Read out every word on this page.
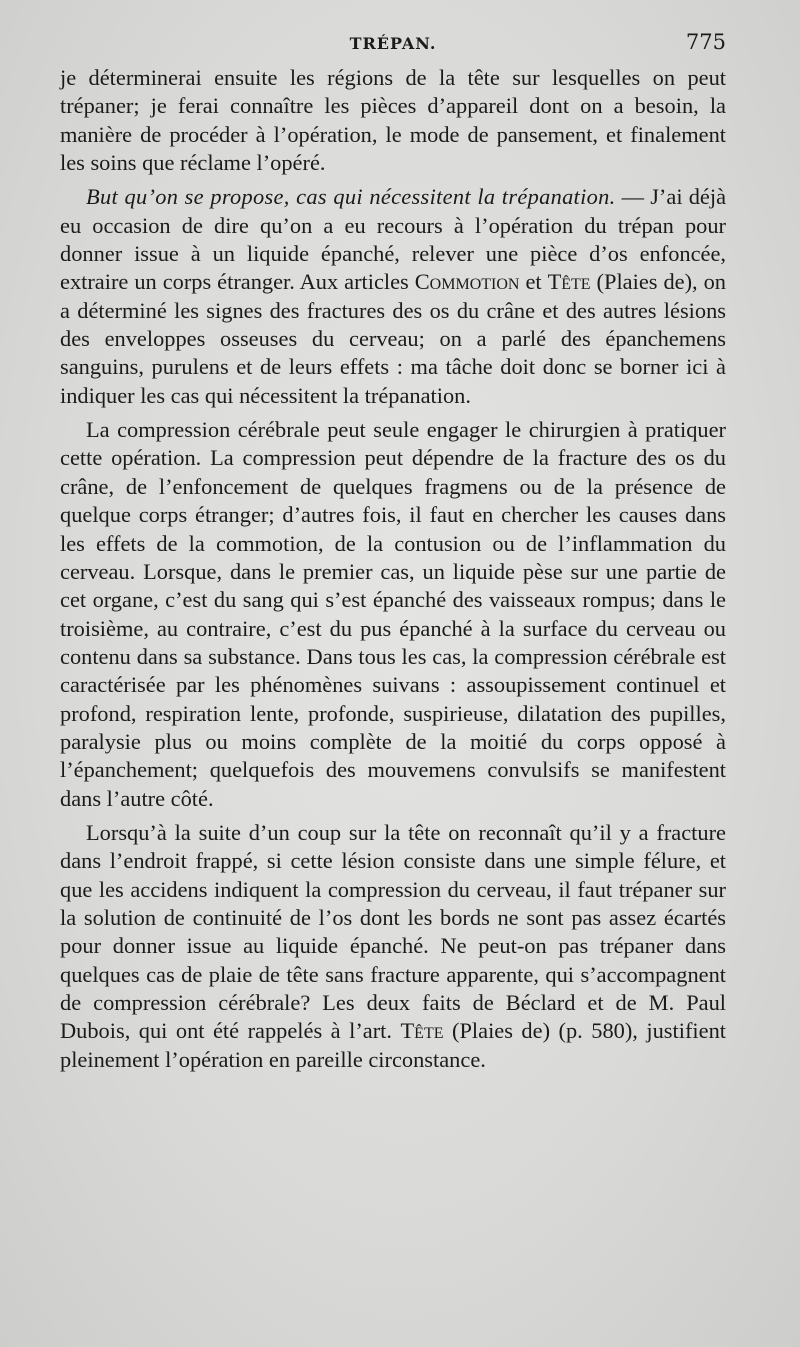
TRÉPAN.	775

je déterminerai ensuite les régions de la tête sur lesquelles on peut trépaner; je ferai connaître les pièces d’appareil dont on a besoin, la manière de procéder à l’opération, le mode de pansement, et finalement les soins que réclame l’opéré.

But qu’on se propose, cas qui nécessitent la trépanation. — J’ai déjà eu occasion de dire qu’on a eu recours à l’opération du trépan pour donner issue à un liquide épanché, relever une pièce d’os enfoncée, extraire un corps étranger. Aux articles Commotion et Tête (Plaies de), on a déterminé les signes des fractures des os du crâne et des autres lésions des enveloppes osseuses du cerveau; on a parlé des épanchemens sanguins, purulens et de leurs effets : ma tâche doit donc se borner ici à indiquer les cas qui nécessitent la trépanation.

La compression cérébrale peut seule engager le chirurgien à pratiquer cette opération. La compression peut dépendre de la fracture des os du crâne, de l’enfoncement de quelques fragmens ou de la présence de quelque corps étranger; d’autres fois, il faut en chercher les causes dans les effets de la commotion, de la contusion ou de l’inflammation du cerveau. Lorsque, dans le premier cas, un liquide pèse sur une partie de cet organe, c’est du sang qui s’est épanché des vaisseaux rompus; dans le troisième, au contraire, c’est du pus épanché à la surface du cerveau ou contenu dans sa substance. Dans tous les cas, la compression cérébrale est caractérisée par les phénomènes suivans : assoupissement continuel et profond, respiration lente, profonde, suspirieuse, dilatation des pupilles, paralysie plus ou moins complète de la moitié du corps opposé à l’épanchement; quelquefois des mouvemens convulsifs se manifestent dans l’autre côté.

Lorsqu’à la suite d’un coup sur la tête on reconnaît qu’il y a fracture dans l’endroit frappé, si cette lésion consiste dans une simple félure, et que les accidens indiquent la compression du cerveau, il faut trépaner sur la solution de continuité de l’os dont les bords ne sont pas assez écartés pour donner issue au liquide épanché. Ne peut-on pas trépaner dans quelques cas de plaie de tête sans fracture apparente, qui s’accompagnent de compression cérébrale? Les deux faits de Béclard et de M. Paul Dubois, qui ont été rappelés à l’art. Tête (Plaies de) (p. 580), justifient pleinement l’opération en pareille circonstance.
